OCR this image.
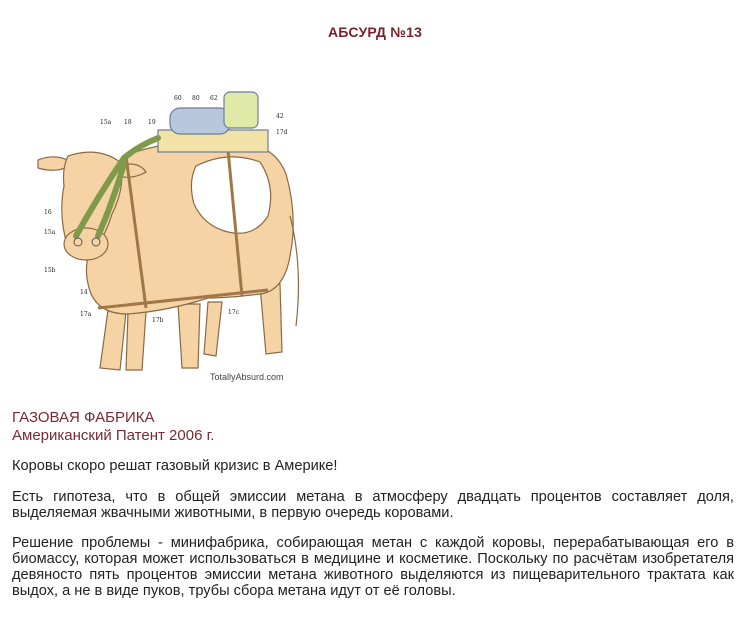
АБСУРД №13
15a 18	19
60 80 62
42
17d
16
15a
15b
14
17a
17b
17c
TotallyAbsurd.com
ГАЗОВАЯ ФАБРИКА
Американский Патент 2006 г.
Коровы скоро решат газовый кризис в Америке!
Есть гипотеза, что в общей эмиссии метана в атмосферу двадцать процентов составляет доля, выделяемая жвачными животными, в первую очередь коровами.
Решение проблемы - минифабрика, собирающая метан с каждой коровы, перерабатывающая его в биомассу, которая может использоваться в медицине и косметике. Поскольку по расчётам изобретателя девяносто пять процентов эмиссии метана животного выделяются из пищеварительного трактата как выдох, а не в виде пуков, трубы сбора метана идут от её головы.
